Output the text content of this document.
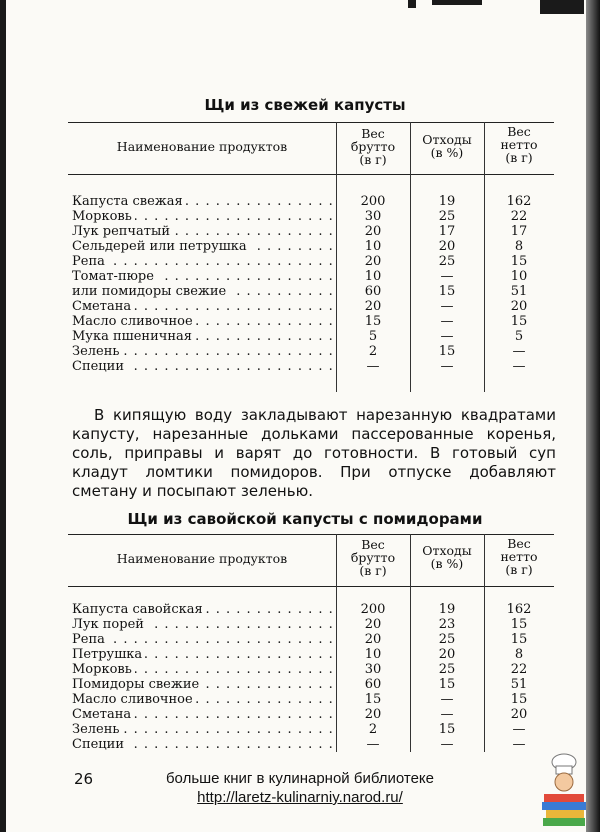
Щи из свежей капусты
Наименование продуктов
Вес
брутто
(в г)
Отходы
(в %)
Вес
нетто
(в г)
Капуста свежая . . .	200	19	162
Морковь . . .	30	25	22
Лук репчатый . . .	20	17	17
Сельдерей или петрушка . . .	10	20	8
Репа . . .	20	25	15
Томат-пюре . . .	10	—	10
или помидоры свежие . . .	60	15	51
Сметана . . .	20	—	20
Масло сливочное . . .	15	—	15
Мука пшеничная . . .	5	—	5
Зелень . . .	2	15	—
Специи . . .	—	—	—

В кипящую воду закладывают нарезанную квадратами капусту, нарезанные дольками пассерованные коренья, соль, приправы и варят до готовности. В готовый суп кладут ломтики помидоров. При отпуске добавляют сметану и посыпают зеленью.

Щи из савойской капусты с помидорами
Наименование продуктов
Вес
брутто
(в г)
Отходы
(в %)
Вес
нетто
(в г)
Капуста савойская . . .	200	19	162
Лук порей . . .	20	23	15
Репа . . .	20	25	15
Петрушка . . .	10	20	8
Морковь . . .	30	25	22
Помидоры свежие . . .	60	15	51
Масло сливочное . . .	15	—	15
Сметана . . .	20	—	20
Зелень . . .	2	15	—
Специи . . .	—	—	—
26	больше книг в кулинарной библиотеке
http://laretz-kulinarniy.narod.ru/
